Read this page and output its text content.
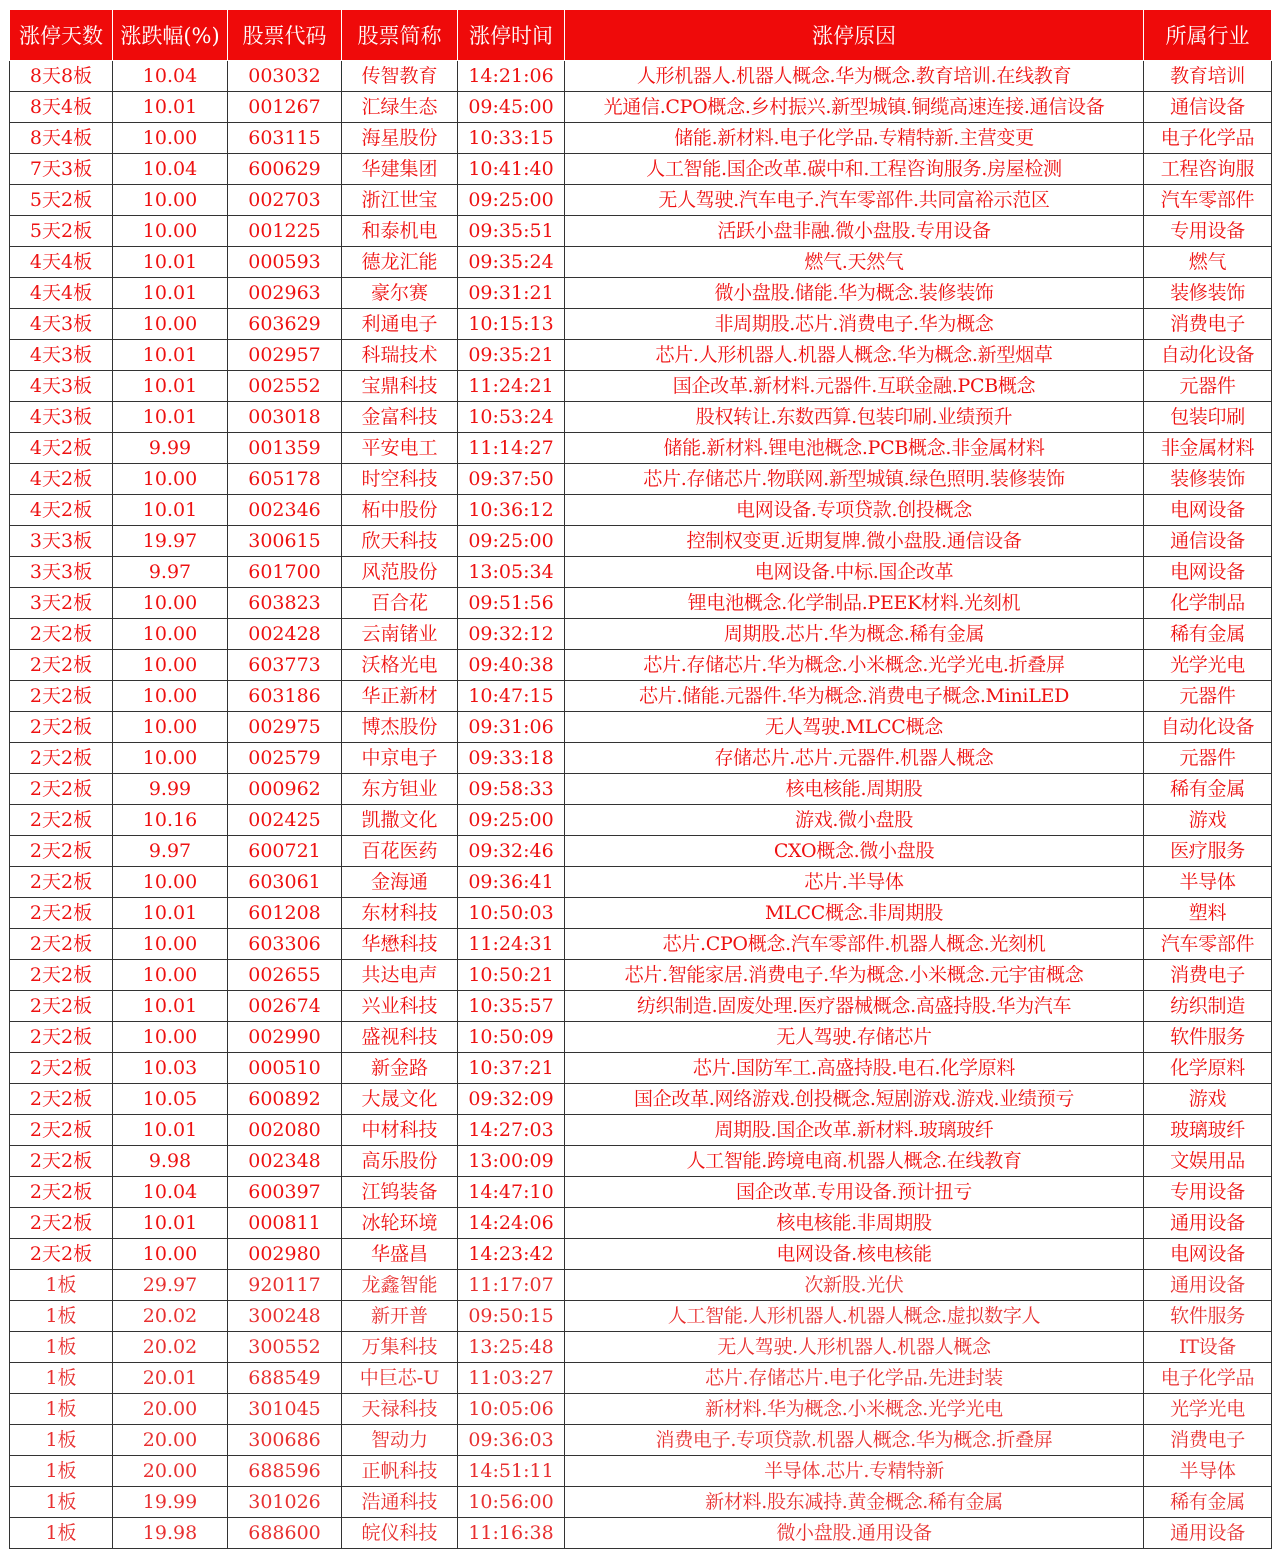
涨停天数	涨跌幅(%)	股票代码	股票简称	涨停时间	涨停原因	所属行业
8天8板	10.04	003032	传智教育	14:21:06	人形机器人.机器人概念.华为概念.教育培训.在线教育	教育培训
8天4板	10.01	001267	汇绿生态	09:45:00	光通信.CPO概念.乡村振兴.新型城镇.铜缆高速连接.通信设备	通信设备
8天4板	10.00	603115	海星股份	10:33:15	储能.新材料.电子化学品.专精特新.主营变更	电子化学品
7天3板	10.04	600629	华建集团	10:41:40	人工智能.国企改革.碳中和.工程咨询服务.房屋检测	工程咨询服
5天2板	10.00	002703	浙江世宝	09:25:00	无人驾驶.汽车电子.汽车零部件.共同富裕示范区	汽车零部件
5天2板	10.00	001225	和泰机电	09:35:51	活跃小盘非融.微小盘股.专用设备	专用设备
4天4板	10.01	000593	德龙汇能	09:35:24	燃气.天然气	燃气
4天4板	10.01	002963	豪尔赛	09:31:21	微小盘股.储能.华为概念.装修装饰	装修装饰
4天3板	10.00	603629	利通电子	10:15:13	非周期股.芯片.消费电子.华为概念	消费电子
4天3板	10.01	002957	科瑞技术	09:35:21	芯片.人形机器人.机器人概念.华为概念.新型烟草	自动化设备
4天3板	10.01	002552	宝鼎科技	11:24:21	国企改革.新材料.元器件.互联金融.PCB概念	元器件
4天3板	10.01	003018	金富科技	10:53:24	股权转让.东数西算.包装印刷.业绩预升	包装印刷
4天2板	9.99	001359	平安电工	11:14:27	储能.新材料.锂电池概念.PCB概念.非金属材料	非金属材料
4天2板	10.00	605178	时空科技	09:37:50	芯片.存储芯片.物联网.新型城镇.绿色照明.装修装饰	装修装饰
4天2板	10.01	002346	柘中股份	10:36:12	电网设备.专项贷款.创投概念	电网设备
3天3板	19.97	300615	欣天科技	09:25:00	控制权变更.近期复牌.微小盘股.通信设备	通信设备
3天3板	9.97	601700	风范股份	13:05:34	电网设备.中标.国企改革	电网设备
3天2板	10.00	603823	百合花	09:51:56	锂电池概念.化学制品.PEEK材料.光刻机	化学制品
2天2板	10.00	002428	云南锗业	09:32:12	周期股.芯片.华为概念.稀有金属	稀有金属
2天2板	10.00	603773	沃格光电	09:40:38	芯片.存储芯片.华为概念.小米概念.光学光电.折叠屏	光学光电
2天2板	10.00	603186	华正新材	10:47:15	芯片.储能.元器件.华为概念.消费电子概念.MiniLED	元器件
2天2板	10.00	002975	博杰股份	09:31:06	无人驾驶.MLCC概念	自动化设备
2天2板	10.00	002579	中京电子	09:33:18	存储芯片.芯片.元器件.机器人概念	元器件
2天2板	9.99	000962	东方钽业	09:58:33	核电核能.周期股	稀有金属
2天2板	10.16	002425	凯撒文化	09:25:00	游戏.微小盘股	游戏
2天2板	9.97	600721	百花医药	09:32:46	CXO概念.微小盘股	医疗服务
2天2板	10.00	603061	金海通	09:36:41	芯片.半导体	半导体
2天2板	10.01	601208	东材科技	10:50:03	MLCC概念.非周期股	塑料
2天2板	10.00	603306	华懋科技	11:24:31	芯片.CPO概念.汽车零部件.机器人概念.光刻机	汽车零部件
2天2板	10.00	002655	共达电声	10:50:21	芯片.智能家居.消费电子.华为概念.小米概念.元宇宙概念	消费电子
2天2板	10.01	002674	兴业科技	10:35:57	纺织制造.固废处理.医疗器械概念.高盛持股.华为汽车	纺织制造
2天2板	10.00	002990	盛视科技	10:50:09	无人驾驶.存储芯片	软件服务
2天2板	10.03	000510	新金路	10:37:21	芯片.国防军工.高盛持股.电石.化学原料	化学原料
2天2板	10.05	600892	大晟文化	09:32:09	国企改革.网络游戏.创投概念.短剧游戏.游戏.业绩预亏	游戏
2天2板	10.01	002080	中材科技	14:27:03	周期股.国企改革.新材料.玻璃玻纤	玻璃玻纤
2天2板	9.98	002348	高乐股份	13:00:09	人工智能.跨境电商.机器人概念.在线教育	文娱用品
2天2板	10.04	600397	江钨装备	14:47:10	国企改革.专用设备.预计扭亏	专用设备
2天2板	10.01	000811	冰轮环境	14:24:06	核电核能.非周期股	通用设备
2天2板	10.00	002980	华盛昌	14:23:42	电网设备.核电核能	电网设备
1板	29.97	920117	龙鑫智能	11:17:07	次新股.光伏	通用设备
1板	20.02	300248	新开普	09:50:15	人工智能.人形机器人.机器人概念.虚拟数字人	软件服务
1板	20.02	300552	万集科技	13:25:48	无人驾驶.人形机器人.机器人概念	IT设备
1板	20.01	688549	中巨芯-U	11:03:27	芯片.存储芯片.电子化学品.先进封装	电子化学品
1板	20.00	301045	天禄科技	10:05:06	新材料.华为概念.小米概念.光学光电	光学光电
1板	20.00	300686	智动力	09:36:03	消费电子.专项贷款.机器人概念.华为概念.折叠屏	消费电子
1板	20.00	688596	正帆科技	14:51:11	半导体.芯片.专精特新	半导体
1板	19.99	301026	浩通科技	10:56:00	新材料.股东减持.黄金概念.稀有金属	稀有金属
1板	19.98	688600	皖仪科技	11:16:38	微小盘股.通用设备	通用设备
